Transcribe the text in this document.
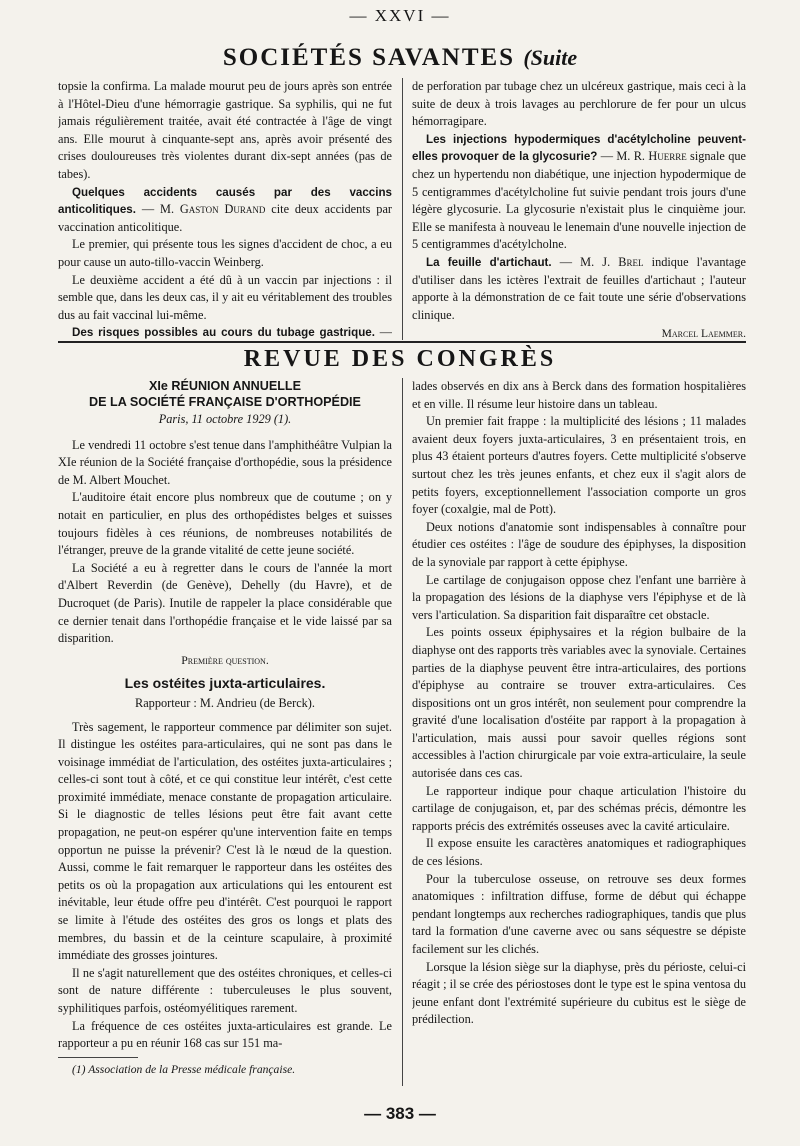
— XXVI —
SOCIÉTÉS SAVANTES (Suite

topsie la confirma. La malade mourut peu de jours après son entrée à l'Hôtel-Dieu d'une hémorragie gastrique. Sa syphilis, qui ne fut jamais régulièrement traitée, avait été contractée à l'âge de vingt ans. Elle mourut à cinquante-sept ans, après avoir présenté des crises douloureuses très violentes durant dix-sept années (pas de tabes).

Quelques accidents causés par des vaccins anticolitiques. — M. Gaston Durand cite deux accidents par vaccination anticolitique.

Le premier, qui présente tous les signes d'accident de choc, a eu pour cause un auto-tillo-vaccin Weinberg.

Le deuxième accident a été dû à un vaccin par injections : il semble que, dans les deux cas, il y ait eu véritablement des troubles dus au fait vaccinal lui-même.

Des risques possibles au cours du tubage gastrique. —

de perforation par tubage chez un ulcéreux gastrique, mais ceci à la suite de deux à trois lavages au perchlorure de fer pour un ulcus hémorragipare.

Les injections hypodermiques d'acétylcholine peuvent-elles provoquer de la glycosurie? — M. R. Huerre signale que chez un hypertendu non diabétique, une injection hypodermique de 5 centigrammes d'acétylcholine fut suivie pendant trois jours d'une légère glycosurie. La glycosurie n'existait plus le cinquième jour. Elle se manifesta à nouveau le lenemain d'une nouvelle injection de 5 centigrammes d'acétylcholne.

La feuille d'artichaut. — M. J. Brel indique l'avantage d'utiliser dans les ictères l'extrait de feuilles d'artichaut ; l'auteur apporte à la démonstration de ce fait toute une série d'observations clinique.

Marcel Laemmer.
REVUE DES CONGRÈS
XIe RÉUNION ANNUELLE
DE LA SOCIÉTÉ FRANÇAISE D'ORTHOPÉDIE
Paris, 11 octobre 1929 (1).

Le vendredi 11 octobre s'est tenue dans l'amphithéâtre Vulpian la XIe réunion de la Société française d'orthopédie, sous la présidence de M. Albert Mouchet.

L'auditoire était encore plus nombreux que de coutume ; on y notait en particulier, en plus des orthopédistes belges et suisses toujours fidèles à ces réunions, de nombreuses notabilités de l'étranger, preuve de la grande vitalité de cette jeune société.

La Société a eu à regretter dans le cours de l'année la mort d'Albert Reverdin (de Genève), Dehelly (du Havre), et de Ducroquet (de Paris). Inutile de rappeler la place considérable que ce dernier tenait dans l'orthopédie française et le vide laissé par sa disparition.

Première question.
Les ostéites juxta-articulaires.
Rapporteur : M. Andrieu (de Berck).

Très sagement, le rapporteur commence par délimiter son sujet. Il distingue les ostéites para-articulaires, qui ne sont pas dans le voisinage immédiat de l'articulation, des ostéites juxta-articulaires ; celles-ci sont tout à côté, et ce qui constitue leur intérêt, c'est cette proximité immédiate, menace constante de propagation articulaire. Si le diagnostic de telles lésions peut être fait avant cette propagation, ne peut-on espérer qu'une intervention faite en temps opportun ne puisse la prévenir? C'est là le nœud de la question. Aussi, comme le fait remarquer le rapporteur dans les ostéites des petits os où la propagation aux articulations qui les entourent est inévitable, leur étude offre peu d'intérêt. C'est pourquoi le rapport se limite à l'étude des ostéites des gros os longs et plats des membres, du bassin et de la ceinture scapulaire, à proximité immédiate des grosses jointures.

Il ne s'agit naturellement que des ostéites chroniques, et celles-ci sont de nature différente : tuberculeuses le plus souvent, syphilitiques parfois, ostéomyélitiques rarement.

La fréquence de ces ostéites juxta-articulaires est grande. Le rapporteur a pu en réunir 168 cas sur 151 ma-

(1) Association de la Presse médicale française.

lades observés en dix ans à Berck dans des formation hospitalières et en ville. Il résume leur histoire dans un tableau.

Un premier fait frappe : la multiplicité des lésions ; 11 malades avaient deux foyers juxta-articulaires, 3 en présentaient trois, en plus 43 étaient porteurs d'autres foyers. Cette multiplicité s'observe surtout chez les très jeunes enfants, et chez eux il s'agit alors de petits foyers, exceptionnellement l'association comporte un gros foyer (coxalgie, mal de Pott).

Deux notions d'anatomie sont indispensables à connaître pour étudier ces ostéites : l'âge de soudure des épiphyses, la disposition de la synoviale par rapport à cette épiphyse.

Le cartilage de conjugaison oppose chez l'enfant une barrière à la propagation des lésions de la diaphyse vers l'épiphyse et de là vers l'articulation. Sa disparition fait disparaître cet obstacle.

Les points osseux épiphysaires et la région bulbaire de la diaphyse ont des rapports très variables avec la synoviale. Certaines parties de la diaphyse peuvent être intra-articulaires, des portions d'épiphyse au contraire se trouver extra-articulaires. Ces dispositions ont un gros intérêt, non seulement pour comprendre la gravité d'une localisation d'ostéite par rapport à la propagation à l'articulation, mais aussi pour savoir quelles régions sont accessibles à l'action chirurgicale par voie extra-articulaire, la seule autorisée dans ces cas.

Le rapporteur indique pour chaque articulation l'histoire du cartilage de conjugaison, et, par des schémas précis, démontre les rapports précis des extrémités osseuses avec la cavité articulaire.

Il expose ensuite les caractères anatomiques et radiographiques de ces lésions.

Pour la tuberculose osseuse, on retrouve ses deux formes anatomiques : infiltration diffuse, forme de début qui échappe pendant longtemps aux recherches radiographiques, tandis que plus tard la formation d'une caverne avec ou sans séquestre se dépiste facilement sur les clichés.

Lorsque la lésion siège sur la diaphyse, près du périoste, celui-ci réagit ; il se crée des périostoses dont le type est le spina ventosa du jeune enfant dont l'extrémité supérieure du cubitus est le siège de prédilection.

— 383 —
